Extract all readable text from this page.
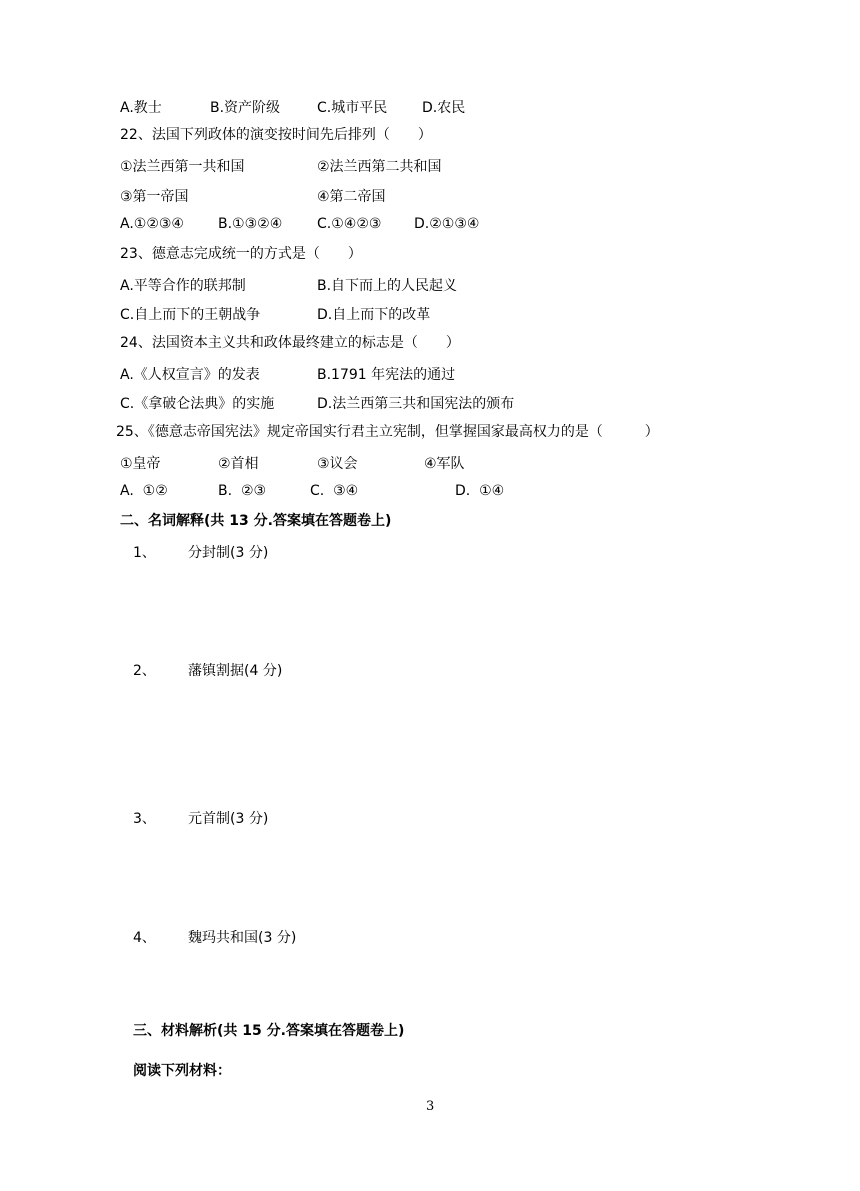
A.教士	B.资产阶级	C.城市平民 D.农民
22、法国下列政体的演变按时间先后排列（　　）
①法兰西第一共和国	②法兰西第二共和国
③第一帝国	④第二帝国
A.①②③④ B.①③②④ C.①④②③ D.②①③④
23、德意志完成统一的方式是（　　）
A.平等合作的联邦制	B.自下而上的人民起义
C.自上而下的王朝战争	D.自上而下的改革
24、法国资本主义共和政体最终建立的标志是（　　）
A.《人权宣言》的发表	B.1791 年宪法的通过
C.《拿破仑法典》的实施	D.法兰西第三共和国宪法的颁布
25、《德意志帝国宪法》规定帝国实行君主立宪制，但掌握国家最高权力的是（　　　）
①皇帝	②首相	③议会	④军队
A.  ①②	B.  ②③	C.  ③④	D.  ①④
二、名词解释(共 13 分.答案填在答题卷上)
1、 分封制(3 分)
2、 藩镇割据(4 分)
3、 元首制(3 分)
4、 魏玛共和国(3 分)
三、材料解析(共 15 分.答案填在答题卷上)
阅读下列材料：
3
